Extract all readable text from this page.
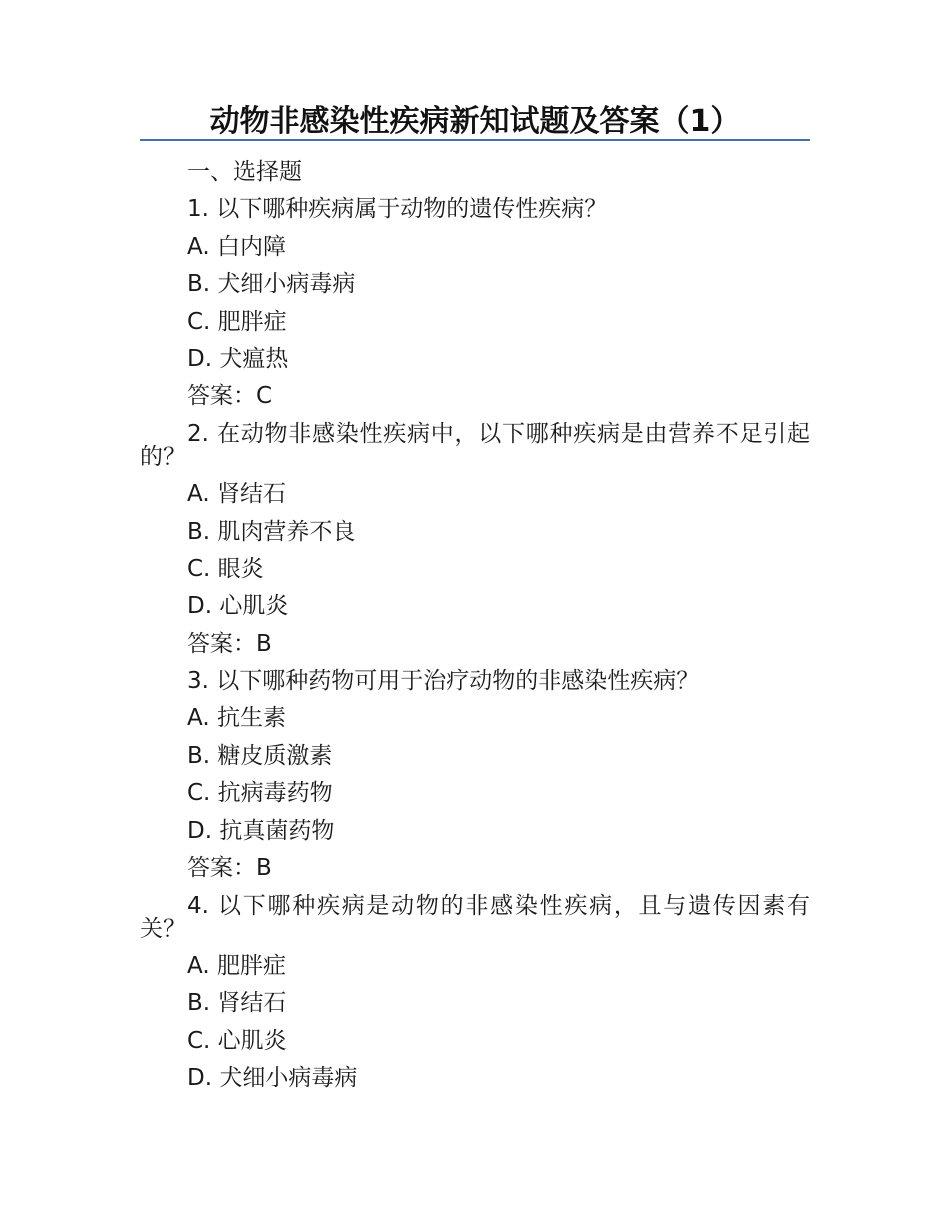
动物非感染性疾病新知试题及答案（1）
一、选择题
1. 以下哪种疾病属于动物的遗传性疾病？
A. 白内障
B. 犬细小病毒病
C. 肥胖症
D. 犬瘟热
答案：C
2. 在动物非感染性疾病中，以下哪种疾病是由营养不足引起的？
A. 肾结石
B. 肌肉营养不良
C. 眼炎
D. 心肌炎
答案：B
3. 以下哪种药物可用于治疗动物的非感染性疾病？
A. 抗生素
B. 糖皮质激素
C. 抗病毒药物
D. 抗真菌药物
答案：B
4. 以下哪种疾病是动物的非感染性疾病，且与遗传因素有关？
A. 肥胖症
B. 肾结石
C. 心肌炎
D. 犬细小病毒病
